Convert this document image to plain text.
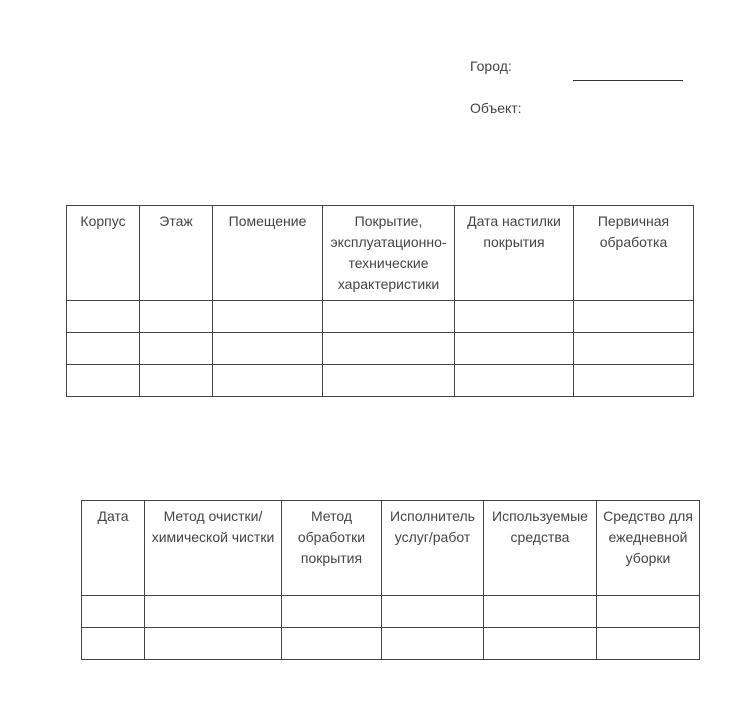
Город:
Объект:
Корпус	Этаж	Помещение	Покрытие, эксплуатационно-технические характеристики	Дата настилки покрытия	Первичная обработка

Дата	Метод очистки/ химической чистки	Метод обработки покрытия	Исполнитель услуг/работ	Используемые средства	Средство для ежедневной уборки
